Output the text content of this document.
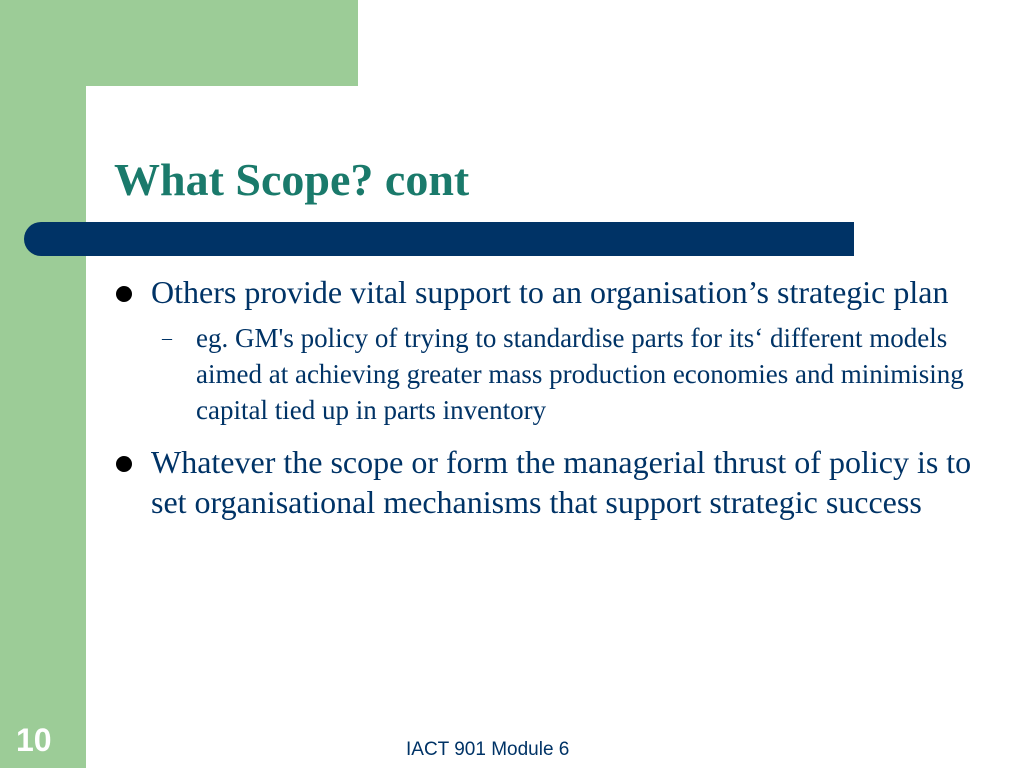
What Scope? cont
Others provide vital support to an organisation’s strategic plan
– eg. GM's policy of trying to standardise parts for its‘ different models aimed at achieving greater mass production economies and minimising capital tied up in parts inventory
Whatever the scope or form the managerial thrust of policy is to set organisational mechanisms that support strategic success
10	IACT 901 Module 6
